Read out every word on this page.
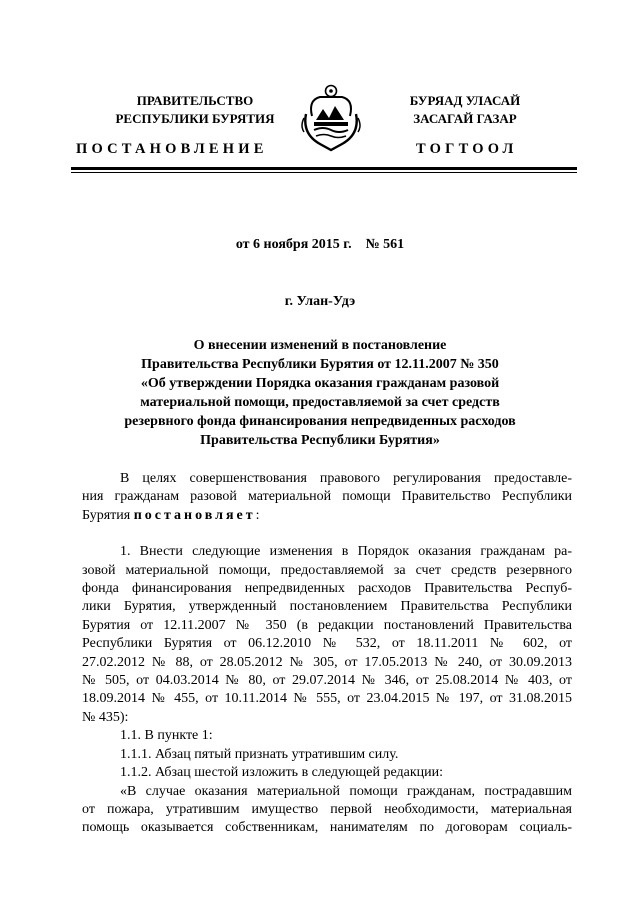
ПРАВИТЕЛЬСТВО
РЕСПУБЛИКИ БУРЯТИЯ
БУРЯАД УЛАСАЙ
ЗАСАГАЙ ГАЗАР
ПОСТАНОВЛЕНИЕ	ТОГТООЛ
от 6 ноября 2015 г.    № 561
г. Улан-Удэ
О внесении изменений в постановление
Правительства Республики Бурятия от 12.11.2007 № 350
«Об утверждении Порядка оказания гражданам разовой
материальной помощи, предоставляемой за счет средств
резервного фонда финансирования непредвиденных расходов
Правительства Республики Бурятия»
В целях совершенствования правового регулирования предоставле-
ния гражданам разовой материальной помощи Правительство Республики
Бурятия постановляет:
1. Внести следующие изменения в Порядок оказания гражданам ра-
зовой материальной помощи, предоставляемой за счет средств резервного
фонда финансирования непредвиденных расходов Правительства Респуб-
лики Бурятия, утвержденный постановлением Правительства Республики
Бурятия от 12.11.2007 № 350 (в редакции постановлений Правительства
Республики Бурятия от 06.12.2010 № 532, от 18.11.2011 № 602, от
27.02.2012 № 88, от 28.05.2012 № 305, от 17.05.2013 № 240, от 30.09.2013
№ 505, от 04.03.2014 № 80, от 29.07.2014 № 346, от 25.08.2014 № 403, от
18.09.2014 № 455, от 10.11.2014 № 555, от 23.04.2015 № 197, от 31.08.2015
№ 435):
1.1. В пункте 1:
1.1.1. Абзац пятый признать утратившим силу.
1.1.2. Абзац шестой изложить в следующей редакции:
«В случае оказания материальной помощи гражданам, пострадавшим
от пожара, утратившим имущество первой необходимости, материальная
помощь оказывается собственникам, нанимателям по договорам социаль-
